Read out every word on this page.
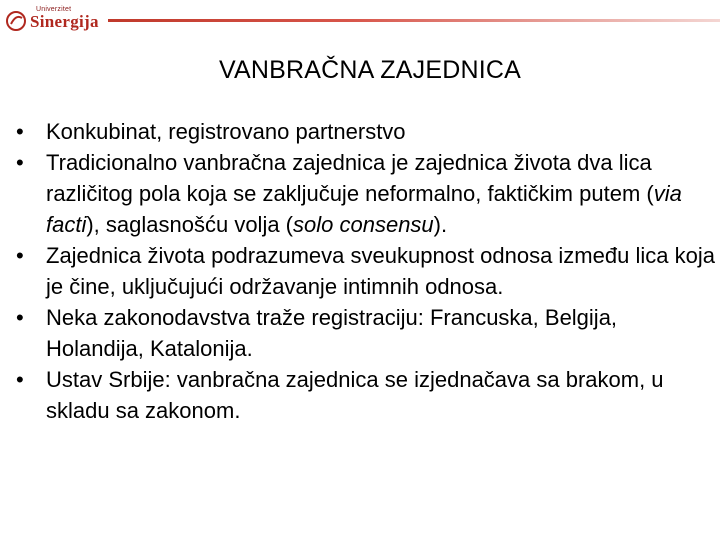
Univerzitet
Sinergija
VANBRAČNA ZAJEDNICA
•	Konkubinat, registrovano partnerstvo
•	Tradicionalno vanbračna zajednica je zajednica života dva lica različitog pola koja se zaključuje neformalno, faktičkim putem (via facti), saglasnošću volja (solo consensu).
•	Zajednica života podrazumeva sveukupnost odnosa između lica koja je čine, uključujući održavanje intimnih odnosa.
•	Neka zakonodavstva traže registraciju: Francuska, Belgija, Holandija, Katalonija.
•	Ustav Srbije: vanbračna zajednica se izjednačava sa brakom, u skladu sa zakonom.
